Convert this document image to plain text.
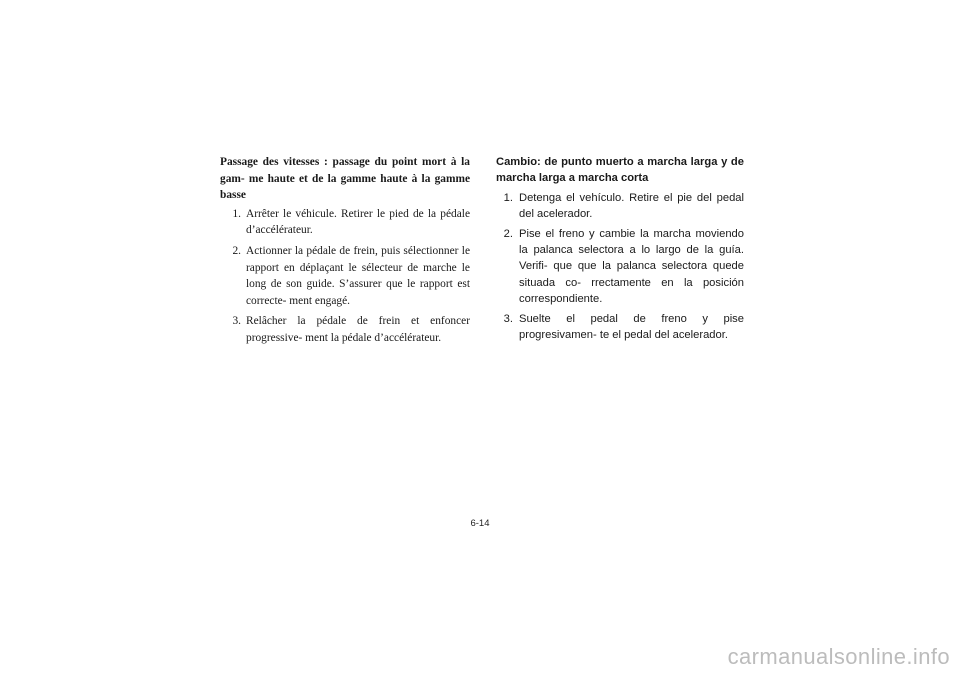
Passage des vitesses : passage du point mort à la gam- me haute et de la gamme haute à la gamme basse
1. Arrêter le véhicule. Retirer le pied de la pédale d’accélérateur.
2. Actionner la pédale de frein, puis sélectionner le rapport en déplaçant le sélecteur de marche le long de son guide. S’assurer que le rapport est correcte- ment engagé.
3. Relâcher la pédale de frein et enfoncer progressive- ment la pédale d’accélérateur.
Cambio: de punto muerto a marcha larga y de marcha larga a marcha corta
1. Detenga el vehículo. Retire el pie del pedal del acelerador.
2. Pise el freno y cambie la marcha moviendo la palanca selectora a lo largo de la guía. Verifi- que que la palanca selectora quede situada co- rrectamente en la posición correspondiente.
3. Suelte el pedal de freno y pise progresivamen- te el pedal del acelerador.
6-14
carmanualsonline.info
